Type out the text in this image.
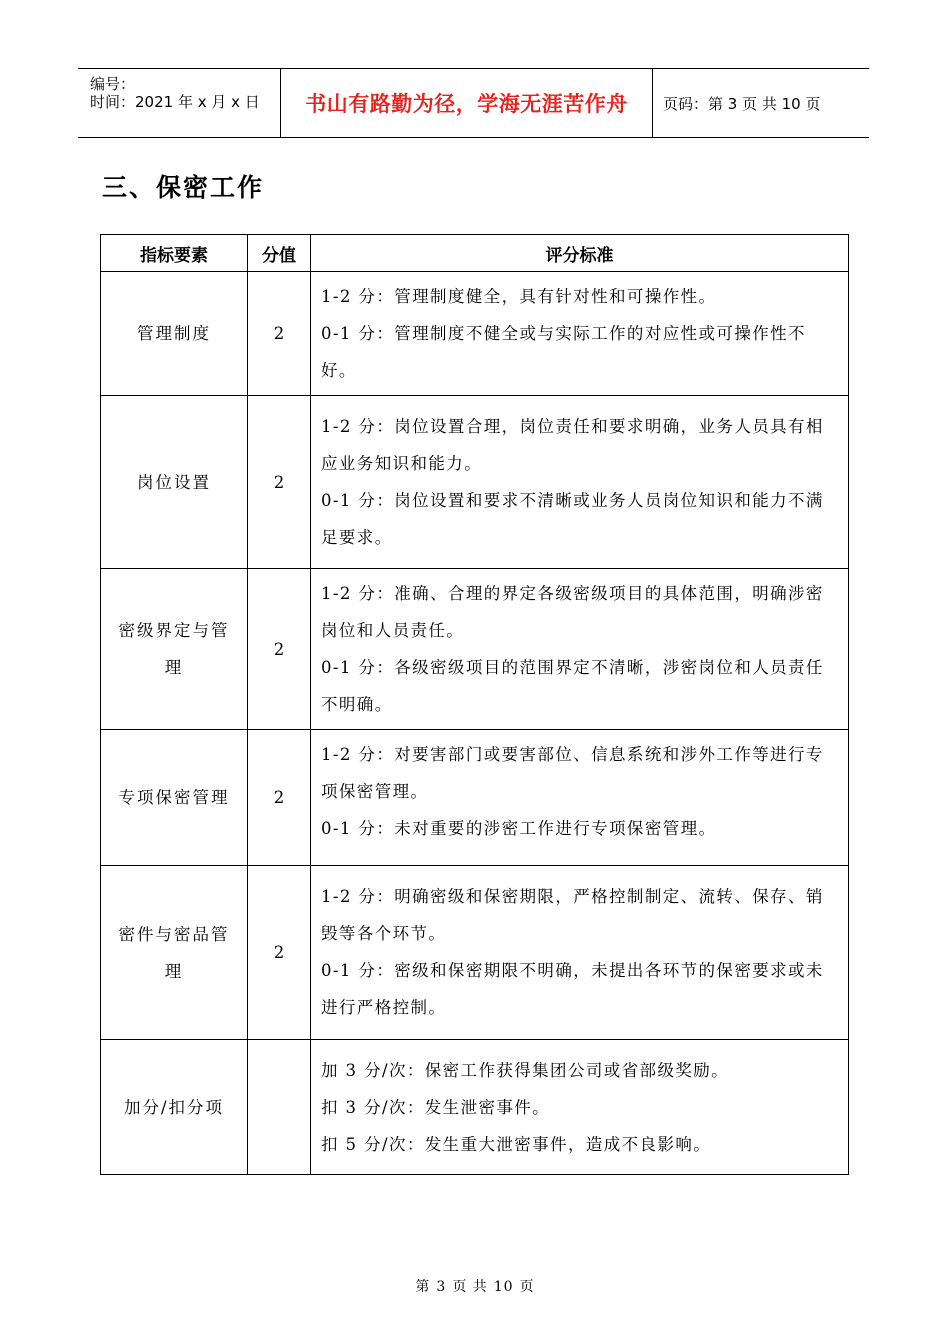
编号：
时间：2021 年 x 月 x 日 书山有路勤为径，学海无涯苦作舟	页码：第 3 页 共 10 页
三、保密工作
指标要素	分值	评分标准
管理制度	2	1-2 分：管理制度健全，具有针对性和可操作性。
0-1 分：管理制度不健全或与实际工作的对应性或可操作性不好。

岗位设置	2	1-2 分：岗位设置合理，岗位责任和要求明确，业务人员具有相应业务知识和能力。
0-1 分：岗位设置和要求不清晰或业务人员岗位知识和能力不满足要求。

密级界定与管理	2	1-2 分：准确、合理的界定各级密级项目的具体范围，明确涉密岗位和人员责任。
0-1 分：各级密级项目的范围界定不清晰，涉密岗位和人员责任不明确。

专项保密管理	2	1-2 分：对要害部门或要害部位、信息系统和涉外工作等进行专项保密管理。
0-1 分：未对重要的涉密工作进行专项保密管理。

密件与密品管理	2	1-2 分：明确密级和保密期限，严格控制制定、流转、保存、销毁等各个环节。
0-1 分：密级和保密期限不明确，未提出各环节的保密要求或未进行严格控制。

加分/扣分项		加 3 分/次：保密工作获得集团公司或省部级奖励。
扣 3 分/次：发生泄密事件。
扣 5 分/次：发生重大泄密事件，造成不良影响。
第 3 页 共 10 页
